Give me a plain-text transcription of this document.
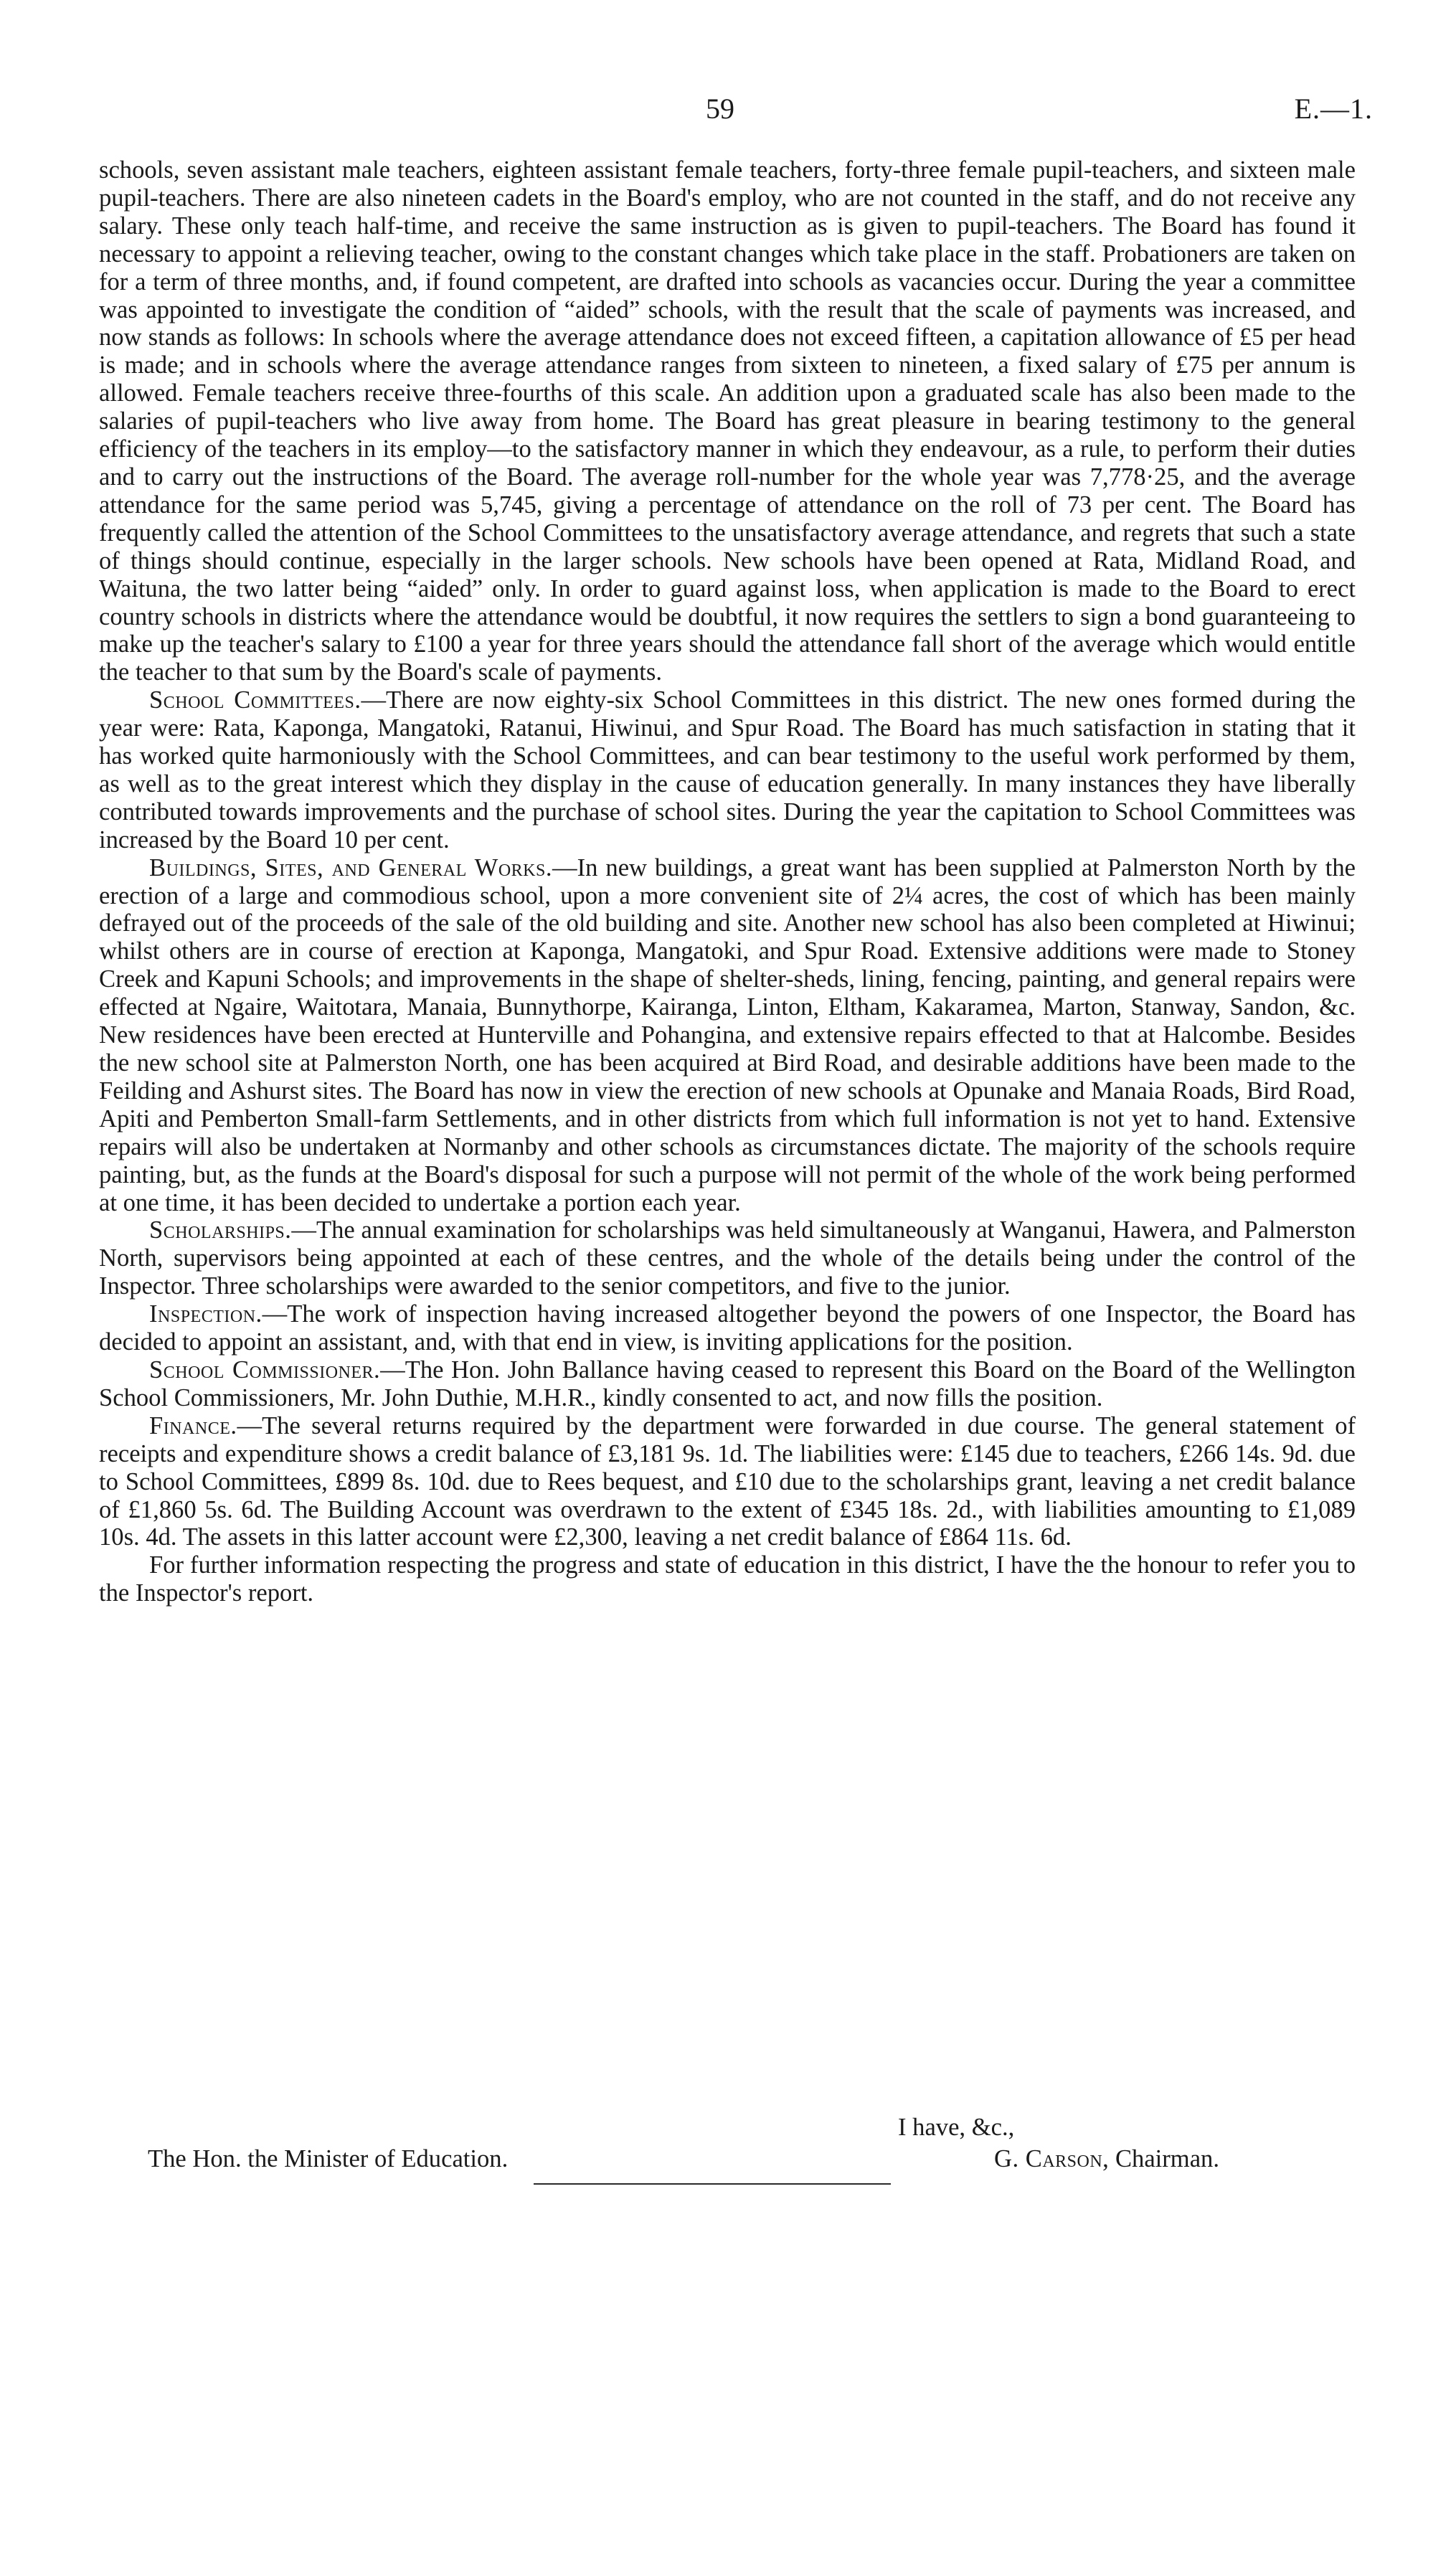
59	E.—1.

schools, seven assistant male teachers, eighteen assistant female teachers, forty-three female pupil-teachers, and sixteen male pupil-teachers. There are also nineteen cadets in the Board's employ, who are not counted in the staff, and do not receive any salary. These only teach half-time, and receive the same instruction as is given to pupil-teachers. The Board has found it necessary to appoint a relieving teacher, owing to the constant changes which take place in the staff. Probationers are taken on for a term of three months, and, if found competent, are drafted into schools as vacancies occur. During the year a committee was appointed to investigate the condition of “aided” schools, with the result that the scale of payments was increased, and now stands as follows: In schools where the average attendance does not exceed fifteen, a capitation allowance of £5 per head is made; and in schools where the average attendance ranges from sixteen to nineteen, a fixed salary of £75 per annum is allowed. Female teachers receive three-fourths of this scale. An addition upon a graduated scale has also been made to the salaries of pupil-teachers who live away from home. The Board has great pleasure in bearing testimony to the general efficiency of the teachers in its employ—to the satisfactory manner in which they endeavour, as a rule, to perform their duties and to carry out the instructions of the Board. The average roll-number for the whole year was 7,778·25, and the average attendance for the same period was 5,745, giving a percentage of attendance on the roll of 73 per cent. The Board has frequently called the attention of the School Committees to the unsatisfactory average attendance, and regrets that such a state of things should continue, especially in the larger schools. New schools have been opened at Rata, Midland Road, and Waituna, the two latter being “aided” only. In order to guard against loss, when application is made to the Board to erect country schools in districts where the attendance would be doubtful, it now requires the settlers to sign a bond guaranteeing to make up the teacher's salary to £100 a year for three years should the attendance fall short of the average which would entitle the teacher to that sum by the Board's scale of payments.

School Committees.—There are now eighty-six School Committees in this district. The new ones formed during the year were: Rata, Kaponga, Mangatoki, Ratanui, Hiwinui, and Spur Road. The Board has much satisfaction in stating that it has worked quite harmoniously with the School Committees, and can bear testimony to the useful work performed by them, as well as to the great interest which they display in the cause of education generally. In many instances they have liberally contributed towards improvements and the purchase of school sites. During the year the capitation to School Committees was increased by the Board 10 per cent.

Buildings, Sites, and General Works.—In new buildings, a great want has been supplied at Palmerston North by the erection of a large and commodious school, upon a more convenient site of 2¼ acres, the cost of which has been mainly defrayed out of the proceeds of the sale of the old building and site. Another new school has also been completed at Hiwinui; whilst others are in course of erection at Kaponga, Mangatoki, and Spur Road. Extensive additions were made to Stoney Creek and Kapuni Schools; and improvements in the shape of shelter-sheds, lining, fencing, painting, and general repairs were effected at Ngaire, Waitotara, Manaia, Bunnythorpe, Kairanga, Linton, Eltham, Kakaramea, Marton, Stanway, Sandon, &c. New residences have been erected at Hunterville and Pohangina, and extensive repairs effected to that at Halcombe. Besides the new school site at Palmerston North, one has been acquired at Bird Road, and desirable additions have been made to the Feilding and Ashurst sites. The Board has now in view the erection of new schools at Opunake and Manaia Roads, Bird Road, Apiti and Pemberton Small-farm Settlements, and in other districts from which full information is not yet to hand. Extensive repairs will also be undertaken at Normanby and other schools as circumstances dictate. The majority of the schools require painting, but, as the funds at the Board's disposal for such a purpose will not permit of the whole of the work being performed at one time, it has been decided to undertake a portion each year.

Scholarships.—The annual examination for scholarships was held simultaneously at Wanganui, Hawera, and Palmerston North, supervisors being appointed at each of these centres, and the whole of the details being under the control of the Inspector. Three scholarships were awarded to the senior competitors, and five to the junior.

Inspection.—The work of inspection having increased altogether beyond the powers of one Inspector, the Board has decided to appoint an assistant, and, with that end in view, is inviting applications for the position.

School Commissioner.—The Hon. John Ballance having ceased to represent this Board on the Board of the Wellington School Commissioners, Mr. John Duthie, M.H.R., kindly consented to act, and now fills the position.

Finance.—The several returns required by the department were forwarded in due course. The general statement of receipts and expenditure shows a credit balance of £3,181 9s. 1d. The liabilities were: £145 due to teachers, £266 14s. 9d. due to School Committees, £899 8s. 10d. due to Rees bequest, and £10 due to the scholarships grant, leaving a net credit balance of £1,860 5s. 6d. The Building Account was overdrawn to the extent of £345 18s. 2d., with liabilities amounting to £1,089 10s. 4d. The assets in this latter account were £2,300, leaving a net credit balance of £864 11s. 6d.

For further information respecting the progress and state of education in this district, I have the the honour to refer you to the Inspector's report.

I have, &c.,
The Hon. the Minister of Education.	G. Carson, Chairman.
